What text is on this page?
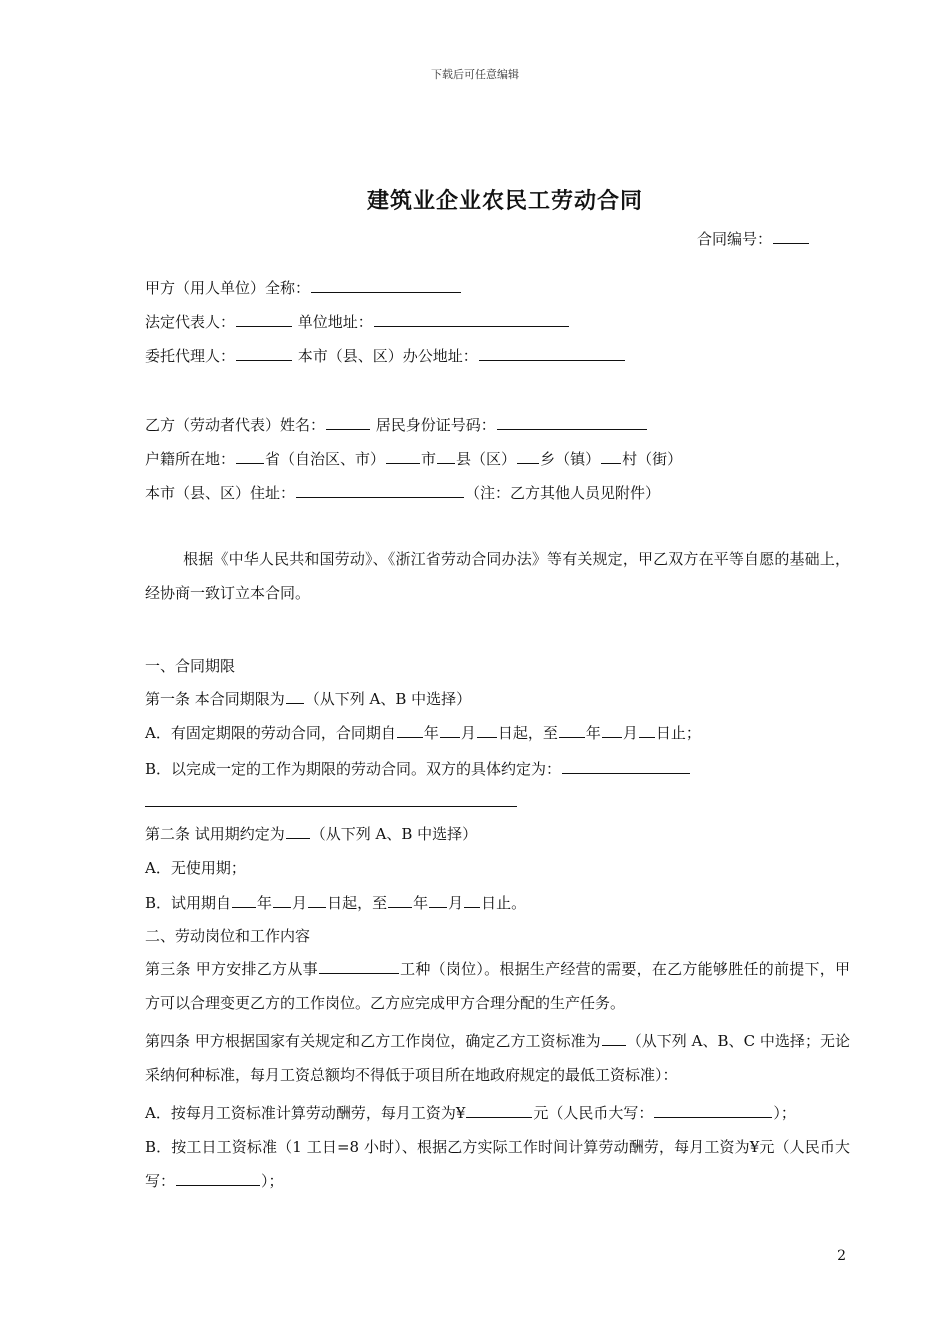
下载后可任意编辑
建筑业企业农民工劳动合同
合同编号：
甲方（用人单位）全称：
法定代表人：	单位地址：
委托代理人：	本市（县、区）办公地址：
乙方（劳动者代表）姓名：	居民身份证号码：
户籍所在地： 省（自治区、市） 市 县（区） 乡（镇） 村（街）
本市（县、区）住址：	（注：乙方其他人员见附件）
根据《中华人民共和国劳动》、《浙江省劳动合同办法》等有关规定，甲乙双方在平等自愿的基础上，经协商一致订立本合同。
一、合同期限
第一条 本合同期限为 （从下列 A、B 中选择）
A．有固定期限的劳动合同，合同期自 年 月 日起，至 年 月 日止；
B．以完成一定的工作为期限的劳动合同。双方的具体约定为：
第二条 试用期约定为 （从下列 A、B 中选择）
A．无使用期；
B．试用期自 年 月 日起，至 年 月 日止。
二、劳动岗位和工作内容
第三条 甲方安排乙方从事	工种（岗位）。根据生产经营的需要，在乙方能够胜任的前提下，甲方可以合理变更乙方的工作岗位。乙方应完成甲方合理分配的生产任务。
第四条 甲方根据国家有关规定和乙方工作岗位，确定乙方工资标准为 （从下列 A、B、C 中选择；无论采纳何种标准，每月工资总额均不得低于项目所在地政府规定的最低工资标准）：
A．按每月工资标准计算劳动酬劳，每月工资为¥	元（人民币大写：	）；
B．按工日工资标准（1 工日=8 小时）、根据乙方实际工作时间计算劳动酬劳，每月工资为¥元（人民币大写：	）；
2
